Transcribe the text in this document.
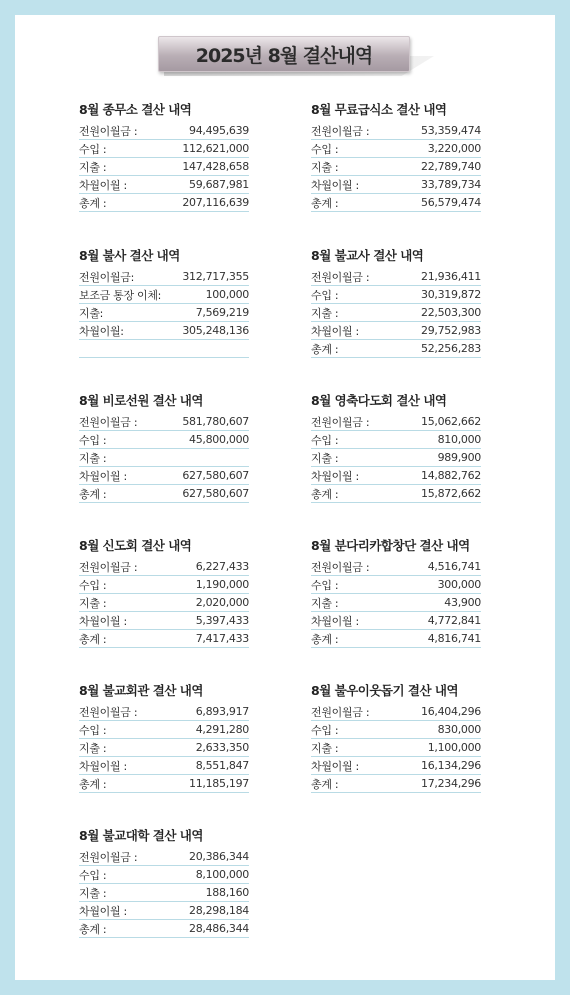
2025년 8월 결산내역
8월 종무소 결산 내역
전원이월금 :	94,495,639
수입 :	112,621,000
지출 :	147,428,658
차월이월 :	59,687,981
총계 :	207,116,639
8월 무료급식소 결산 내역
전원이월금 :	53,359,474
수입 :	3,220,000
지출 :	22,789,740
차월이월 :	33,789,734
총계 :	56,579,474
8월 불사 결산 내역
전원이월금:	312,717,355
보조금 통장 이체:	100,000
지출:	7,569,219
차월이월:	305,248,136
8월 불교사 결산 내역
전원이월금 :	21,936,411
수입 :	30,319,872
지출 :	22,503,300
차월이월 :	29,752,983
총계 :	52,256,283
8월 비로선원 결산 내역
전원이월금 :	581,780,607
수입 :	45,800,000
지출 :
차월이월 :	627,580,607
총계 :	627,580,607
8월 영축다도회 결산 내역
전원이월금 :	15,062,662
수입 :	810,000
지출 :	989,900
차월이월 :	14,882,762
총계 :	15,872,662
8월 신도회 결산 내역
전원이월금 :	6,227,433
수입 :	1,190,000
지출 :	2,020,000
차월이월 :	5,397,433
총계 :	7,417,433
8월 분다리카합창단 결산 내역
전원이월금 :	4,516,741
수입 :	300,000
지출 :	43,900
차월이월 :	4,772,841
총계 :	4,816,741
8월 불교회관 결산 내역
전원이월금 :	6,893,917
수입 :	4,291,280
지출 :	2,633,350
차월이월 :	8,551,847
총계 :	11,185,197
8월 불우이웃돕기 결산 내역
전원이월금 :	16,404,296
수입 :	830,000
지출 :	1,100,000
차월이월 :	16,134,296
총계 :	17,234,296
8월 불교대학 결산 내역
전원이월금 :	20,386,344
수입 :	8,100,000
지출 :	188,160
차월이월 :	28,298,184
총계 :	28,486,344
